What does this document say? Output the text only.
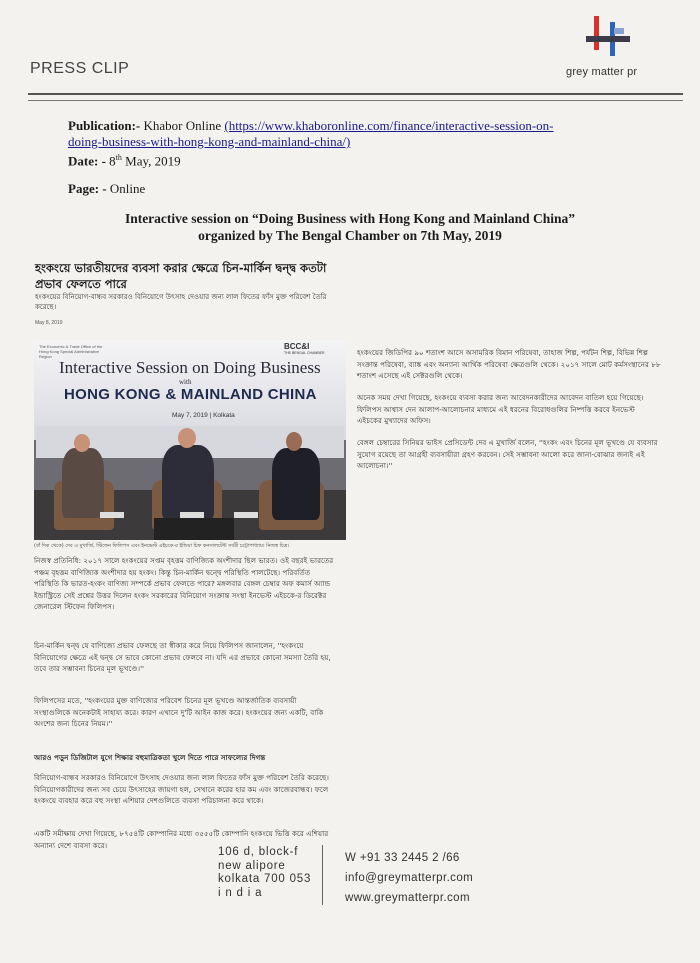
grey matter pr
PRESS CLIP
Publication:- Khabor Online (https://www.khaboronline.com/finance/interactive-session-on-
doing-business-with-hong-kong-and-mainland-china/)
Date: - 8th May, 2019
Page: - Online
Interactive session on “Doing Business with Hong Kong and Mainland China”
organized by The Bengal Chamber on 7th May, 2019
হংকংয়ে ভারতীয়দের ব্যবসা করার ক্ষেত্রে চিন-মার্কিন দ্বন্দ্ব কতটা প্রভাব ফেলতে পারে
হংকংয়ের বিনিয়োগ-বান্ধব সরকারও বিনিয়োগে উৎসাহ দেওয়ার জন্য লাল ফিতের ফাঁস মুক্ত পরিবেশ তৈরি করেছে।
May 8, 2019
The Economic & Trade Office of the Hong Kong Special Administrative Region
BCC&I
THE BENGAL CHAMBER
Interactive Session on Doing Business
with
HONG KONG & MAINLAND CHINA
May 7, 2019 | Kolkata
(বাঁ দিক থেকে) দেব এ মুখার্জি, স্টিফেন ফিলিপস এবং ইনভেস্ট এইচকে-র ইন্ডিয়া চিফ কনসালটেন্ট সর্বরী চট্টোপাধ্যায়। নিজস্ব চিত্র।
নিজস্ব প্রতিনিধি: ২০১৭ সালে হংকংয়ের সপ্তম বৃহত্তম বাণিজ্যিক অংশীদার ছিল ভারত। ওই বছরই ভারতের পঞ্চম বৃহত্তম বাণিজ্যিক অংশীদার হয় হংকং। কিন্তু চিন-মার্কিন দ্বন্দ্বে পরিস্থিতি পালটেছে। পরিবর্তিত পরিস্থিতি কি ভারত-হংকং বাণিজ্য সম্পর্কে প্রভাব ফেলতে পারে? মঙ্গলবার বেঙ্গল চেম্বার অফ কমার্স অ্যান্ড ইন্ডাস্ট্রিতে সেই প্রশ্নের উত্তর দিলেন হংকং সরকারের বিনিয়োগ সংক্রান্ত সংস্থা ইনভেস্ট এইচকে-র ডিরেক্টর জেনারেল স্টিফেন ফিলিপস।
চিন-মার্কিন দ্বন্দ্ব যে বাণিজ্যে প্রভাব ফেলছে তা স্বীকার করে নিয়ে ফিলিপস জানালেন, ''হংকংয়ে বিনিয়োগের ক্ষেত্রে এই দ্বন্দ্ব সে ভাবে কোনো প্রভাব ফেলবে না। যদি এর প্রভাবে কোনো সমস্যা তৈরি হয়, তবে তার সম্ভাবনা চিনের মূল ভূখণ্ডে।''
ফিলিপসের মতে, ''হংকংয়ের মুক্ত বাণিজ্যের পরিবেশ চিনের মূল ভূখণ্ডে আন্তর্জাতিক ব্যবসায়ী সংস্থাগুলিকে অনেকটাই সাহায্য করে। কারণ এখানে দু'টি আইন কাজ করে। হংকংয়ের জন্য একটি, বাকি অংশের জন্য চিনের নিয়ম।''
আরও পড়ুন ডিজিটাল যুগে শিক্ষার বহুমাত্রিকতা খুলে দিতে পারে সাফল্যের দিগন্ত
বিনিয়োগ-বান্ধব সরকারও বিনিয়োগে উৎসাহ দেওয়ার জন্য লাল ফিতের ফাঁস মুক্ত পরিবেশ তৈরি করেছে। বিনিয়োগকারীদের জন্য সব চেয়ে উৎসাহের জায়গা হল, সেখানে করের হার কম এবং কাজেরবান্ধব। ফলে হংকংয়ে ব্যবহার করে বহু সংস্থা এশিয়ার দেশগুলিতে ব্যবসা পরিচালনা করে থাকে।
একটি সমীক্ষায় দেখা গিয়েছে, ৮৭৫৪টি কোম্পানির মধ্যে ৩৫৫৫টি কোম্পানি হংকংয়ে ভিত্তি করে এশিয়ার অন্যান্য দেশে ব্যবসা করে।
হংকংয়ের জিডিপির ৯০ শতাংশ আসে অসামরিক বিমান পরিষেবা, তাহাজ শিল্প, পর্যটন শিল্প, বিভিন্ন শিল্প সংক্রান্ত পরিষেবা, ব্যাঙ্ক এবং অন্যান্য আর্থিক পরিষেবা ক্ষেত্রগুলি থেকে। ২০১৭ সালে মোট কর্মসংস্থানের ৮৮ শতাংশ এসেছে এই সেক্টরগুলি থেকে।
অনেক সময় দেখা গিয়েছে, হংকংয়ে ব্যবসা করার জন্য আবেদনকারীদের আবেদন বাতিল হয়ে গিয়েছে। ফিলিপস আশ্বাস দেন আলাপ-আলোচনার মাধ্যমে এই ধরনের বিরোধগুলির নিষ্পত্তি করবে ইনভেস্ট এইচকের মুখ্যাদের অফিস।
বেঙ্গল চেম্বারের সিনিয়র ভাইস প্রেসিডেন্ট দেব এ মুখার্জি বলেন, ''হংকং এবং চিনের মূল ভূখণ্ডে যে ব্যবসার সুযোগ রয়েছে তা আগ্রহী ব্যবসায়ীরা গ্রহণ করবেন। সেই সম্ভাবনা আলো করে জানা-বোঝার জন্যই এই আলোচনা।''
106 d, block-f
new alipore
kolkata 700 053
i n d i a
W +91 33 2445 2 /66
info@greymatterpr.com
www.greymatterpr.com
